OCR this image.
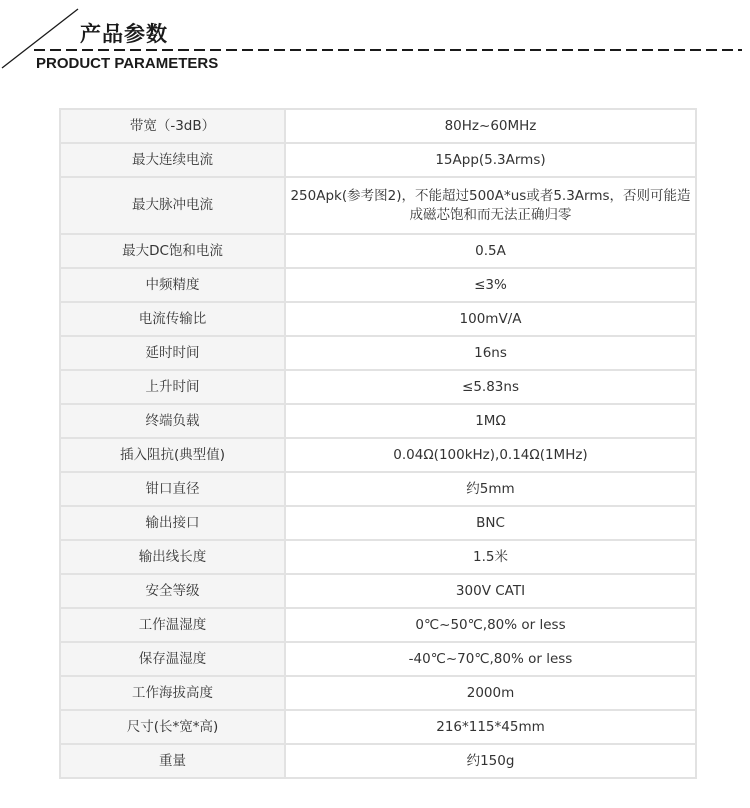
产品参数
PRODUCT PARAMETERS
带宽（-3dB）	80Hz~60MHz
最大连续电流	15App(5.3Arms)
最大脉冲电流	250Apk(参考图2)，不能超过500A*us或者5.3Arms，否则可能造成磁芯饱和而无法正确归零
最大DC饱和电流	0.5A
中频精度	≤3%
电流传输比	100mV/A
延时时间	16ns
上升时间	≤5.83ns
终端负载	1MΩ
插入阻抗(典型值)	0.04Ω(100kHz),0.14Ω(1MHz)
钳口直径	约5mm
输出接口	BNC
输出线长度	1.5米
安全等级	300V CATI
工作温湿度	0℃~50℃,80% or less
保存温湿度	-40℃~70℃,80% or less
工作海拔高度	2000m
尺寸(长*宽*高)	216*115*45mm
重量	约150g
